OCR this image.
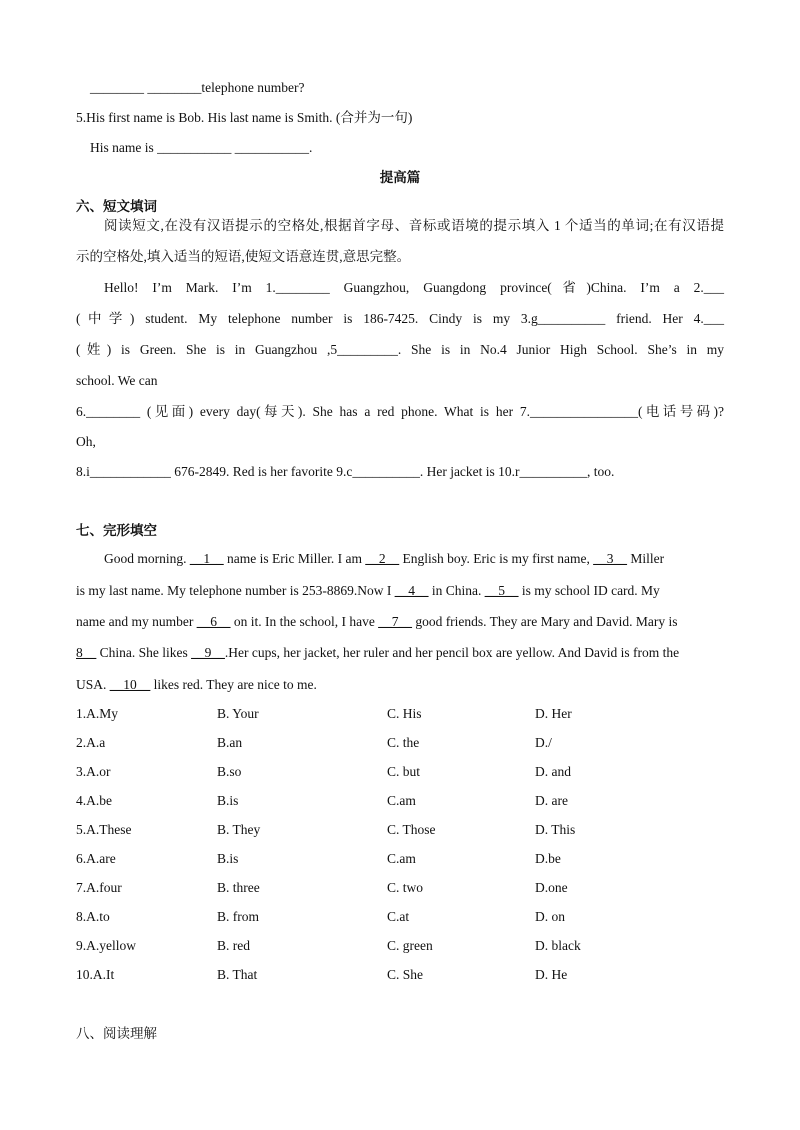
________ ________telephone number?
5.His first name is Bob. His last name is Smith. (合并为一句)
His name is ___________ ___________.
提高篇
六、短文填词
阅读短文,在没有汉语提示的空格处,根据首字母、音标或语境的提示填入 1 个适当的单词;在有汉语提
示的空格处,填入适当的短语,使短文语意连贯,意思完整。
Hello! I’m Mark. I’m 1.________ Guangzhou, Guangdong province(省)China. I’m a 2.___
(中学) student. My telephone number is 186-7425. Cindy is my 3.g__________ friend. Her 4.___
(姓) is Green. She is in Guangzhou ,5_________. She is in No.4 Junior High School. She’s in my
school. We can
6.________ (见面) every day(每天). She has a red phone. What is her 7.________________(电话号码)?
Oh,
8.i____________ 676-2849. Red is her favorite 9.c__________. Her jacket is 10.r__________, too.
七、完形填空
Good morning. __1__ name is Eric Miller. I am __2__ English boy. Eric is my first name, __3__ Miller
is my last name. My telephone number is 253-8869.Now I __4__ in China. __5__ is my school ID card. My
name and my number __6__ on it. In the school, I have __7__ good friends. They are Mary and David. Mary is
8__ China. She likes __9__.Her cups, her jacket, her ruler and her pencil box are yellow. And David is from the
USA. __10__ likes red. They are nice to me.
1.A.My	B. Your	C. His	D. Her
2.A.a	B.an	C. the	D./
3.A.or	B.so	C. but	D. and
4.A.be	B.is	C.am	D. are
5.A.These	B. They	C. Those	D. This
6.A.are	B.is	C.am	D.be
7.A.four	B. three	C. two	D.one
8.A.to	B. from	C.at	D. on
9.A.yellow	B. red	C. green	D. black
10.A.It	B. That	C. She	D. He
八、阅读理解
